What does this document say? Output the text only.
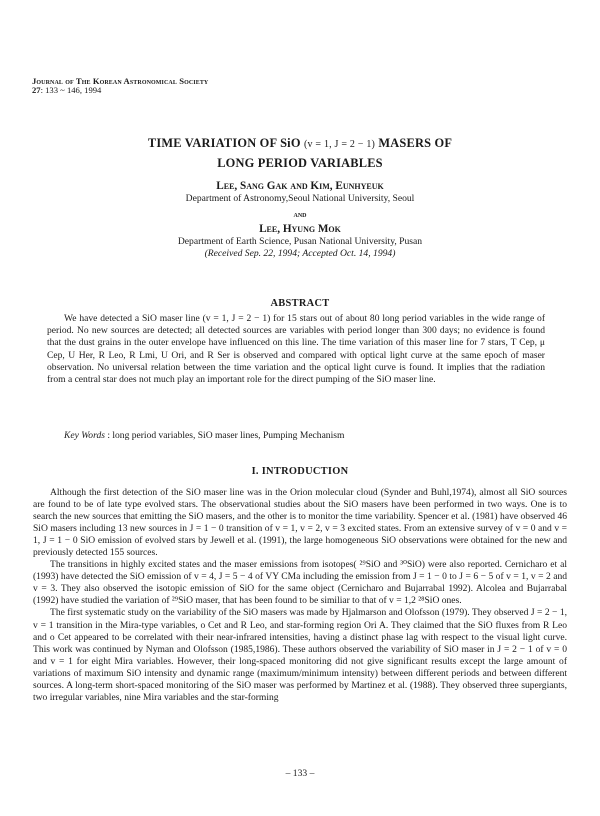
Journal of The Korean Astronomical Society
27: 133 ~ 146, 1994
TIME VARIATION OF SiO (v = 1, J = 2 − 1) MASERS OF
LONG PERIOD VARIABLES
Lee, Sang Gak and Kim, Eunhyeuk
Department of Astronomy,Seoul National University, Seoul
and
Lee, Hyung Mok
Department of Earth Science, Pusan National University, Pusan
(Received Sep. 22, 1994; Accepted Oct. 14, 1994)
ABSTRACT

We have detected a SiO maser line (v = 1, J = 2 − 1) for 15 stars out of about 80 long period variables in the wide range of period. No new sources are detected; all detected sources are variables with period longer than 300 days; no evidence is found that the dust grains in the outer envelope have influenced on this line. The time variation of this maser line for 7 stars, T Cep, μ Cep, U Her, R Leo, R Lmi, U Ori, and R Ser is observed and compared with optical light curve at the same epoch of maser observation. No universal relation between the time variation and the optical light curve is found. It implies that the radiation from a central star does not much play an important role for the direct pumping of the SiO maser line.

Key Words : long period variables, SiO maser lines, Pumping Mechanism
I. INTRODUCTION

Although the first detection of the SiO maser line was in the Orion molecular cloud (Synder and Buhl,1974), almost all SiO sources are found to be of late type evolved stars. The observational studies about the SiO masers have been performed in two ways. One is to search the new sources that emitting the SiO masers, and the other is to monitor the time variability. Spencer et al. (1981) have observed 46 SiO masers including 13 new sources in J = 1 − 0 transition of v = 1, v = 2, v = 3 excited states. From an extensive survey of v = 0 and v = 1, J = 1 − 0 SiO emission of evolved stars by Jewell et al. (1991), the large homogeneous SiO observations were obtained for the new and previously detected 155 sources.

The transitions in highly excited states and the maser emissions from isotopes( ²⁹SiO and ³⁰SiO) were also reported. Cernicharo et al (1993) have detected the SiO emission of v = 4, J = 5 − 4 of VY CMa including the emission from J = 1 − 0 to J = 6 − 5 of v = 1, v = 2 and v = 3. They also observed the isotopic emission of SiO for the same object (Cernicharo and Bujarrabal 1992). Alcolea and Bujarrabal (1992) have studied the variation of ²⁹SiO maser, that has been found to be similiar to that of v = 1,2 ²⁸SiO ones.

The first systematic study on the variability of the SiO masers was made by Hjalmarson and Olofsson (1979). They observed J = 2 − 1, v = 1 transition in the Mira-type variables, o Cet and R Leo, and star-forming region Ori A. They claimed that the SiO fluxes from R Leo and o Cet appeared to be correlated with their near-infrared intensities, having a distinct phase lag with respect to the visual light curve. This work was continued by Nyman and Olofsson (1985,1986). These authors observed the variability of SiO maser in J = 2 − 1 of v = 0 and v = 1 for eight Mira variables. However, their long-spaced monitoring did not give significant results except the large amount of variations of maximum SiO intensity and dynamic range (maximum/minimum intensity) between different periods and between different sources. A long-term short-spaced monitoring of the SiO maser was performed by Martinez et al. (1988). They observed three supergiants, two irregular variables, nine Mira variables and the star-forming

– 133 –
